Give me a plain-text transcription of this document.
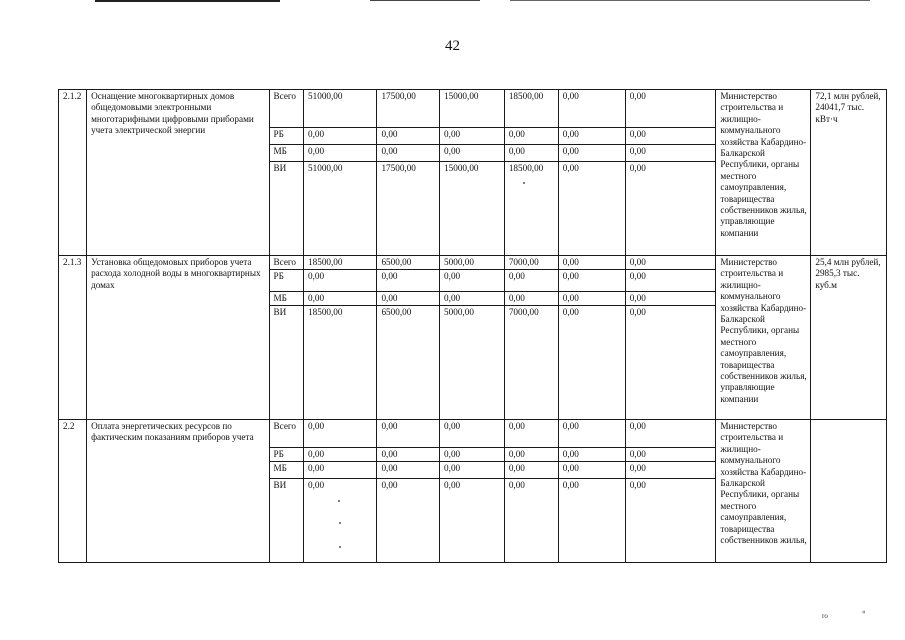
42
2.1.2	Оснащение многоквартирных домов общедомовыми электронными многотарифными цифровыми приборами учета электрической энергии	Всего	51000,00	17500,00	15000,00	18500,00	0,00	0,00	Министерство строительства и жилищно-коммунального хозяйства Кабардино-Балкарской Республики, органы местного самоуправления, товарищества собственников жилья, управляющие компании	72,1 млн рублей, 24041,7 тыс. кВт·ч
		РБ	0,00	0,00	0,00	0,00	0,00	0,00		
		МБ	0,00	0,00	0,00	0,00	0,00	0,00		
		ВИ	51000,00	17500,00	15000,00	18500,00	0,00	0,00		
2.1.3	Установка общедомовых приборов учета расхода холодной воды в многоквартирных домах	Всего	18500,00	6500,00	5000,00	7000,00	0,00	0,00	Министерство строительства и жилищно-коммунального хозяйства Кабардино-Балкарской Республики, органы местного самоуправления, товарищества собственников жилья, управляющие компании	25,4 млн рублей, 2985,3 тыс. куб.м
		РБ	0,00	0,00	0,00	0,00	0,00	0,00		
		МБ	0,00	0,00	0,00	0,00	0,00	0,00		
		ВИ	18500,00	6500,00	5000,00	7000,00	0,00	0,00		
2.2	Оплата энергетических ресурсов по фактическим показаниям приборов учета	Всего	0,00	0,00	0,00	0,00	0,00	0,00	Министерство строительства и жилищно-коммунального хозяйства Кабардино-Балкарской Республики, органы местного самоуправления, товарищества собственников жилья,	
		РБ	0,00	0,00	0,00	0,00	0,00	0,00		
		МБ	0,00	0,00	0,00	0,00	0,00	0,00		
		ВИ	0,00	0,00	0,00	0,00	0,00	0,00		
ro	«
